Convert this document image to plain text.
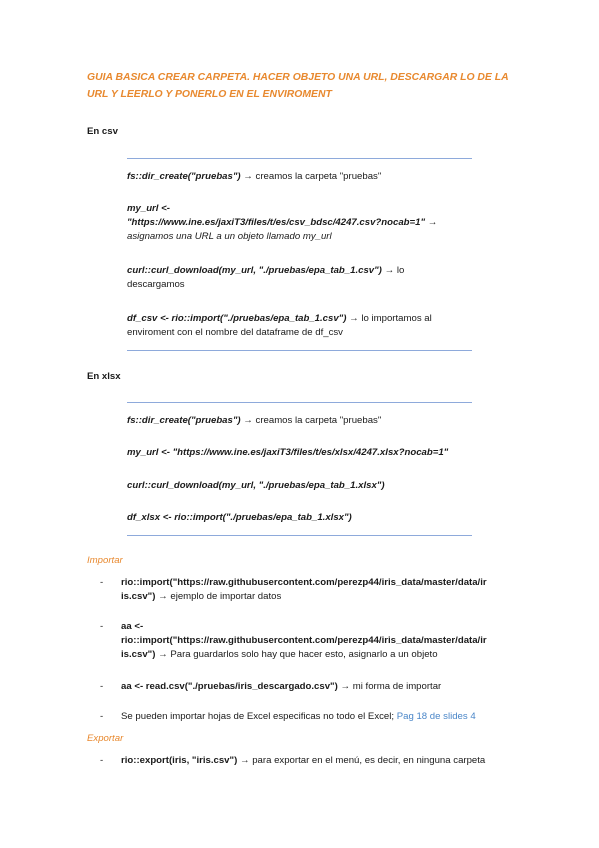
GUIA BASICA CREAR CARPETA. HACER OBJETO UNA URL, DESCARGAR LO DE LA URL Y LEERLO Y PONERLO EN EL ENVIROMENT
En csv
fs::dir_create("pruebas") → creamos la carpeta "pruebas"
my_url <-
"https://www.ine.es/jaxiT3/files/t/es/csv_bdsc/4247.csv?nocab=1" →
asignamos una URL a un objeto llamado my_url
curl::curl_download(my_url, "./pruebas/epa_tab_1.csv") → lo
descargamos
df_csv <- rio::import("./pruebas/epa_tab_1.csv") → lo importamos al
enviroment con el nombre del dataframe de df_csv
En xlsx
fs::dir_create("pruebas") → creamos la carpeta "pruebas"
my_url <- "https://www.ine.es/jaxiT3/files/t/es/xlsx/4247.xlsx?nocab=1"
curl::curl_download(my_url, "./pruebas/epa_tab_1.xlsx")
df_xlsx <- rio::import("./pruebas/epa_tab_1.xlsx")
Importar
- rio::import("https://raw.githubusercontent.com/perezp44/iris_data/master/data/ir
is.csv") → ejemplo de importar datos
- aa <-
rio::import("https://raw.githubusercontent.com/perezp44/iris_data/master/data/ir
is.csv") → Para guardarlos solo hay que hacer esto, asignarlo a un objeto
- aa <- read.csv("./pruebas/iris_descargado.csv") → mi forma de importar
- Se pueden importar hojas de Excel especificas no todo el Excel; Pag 18 de slides 4
Exportar
- rio::export(iris, "iris.csv") → para exportar en el menú, es decir, en ninguna carpeta
